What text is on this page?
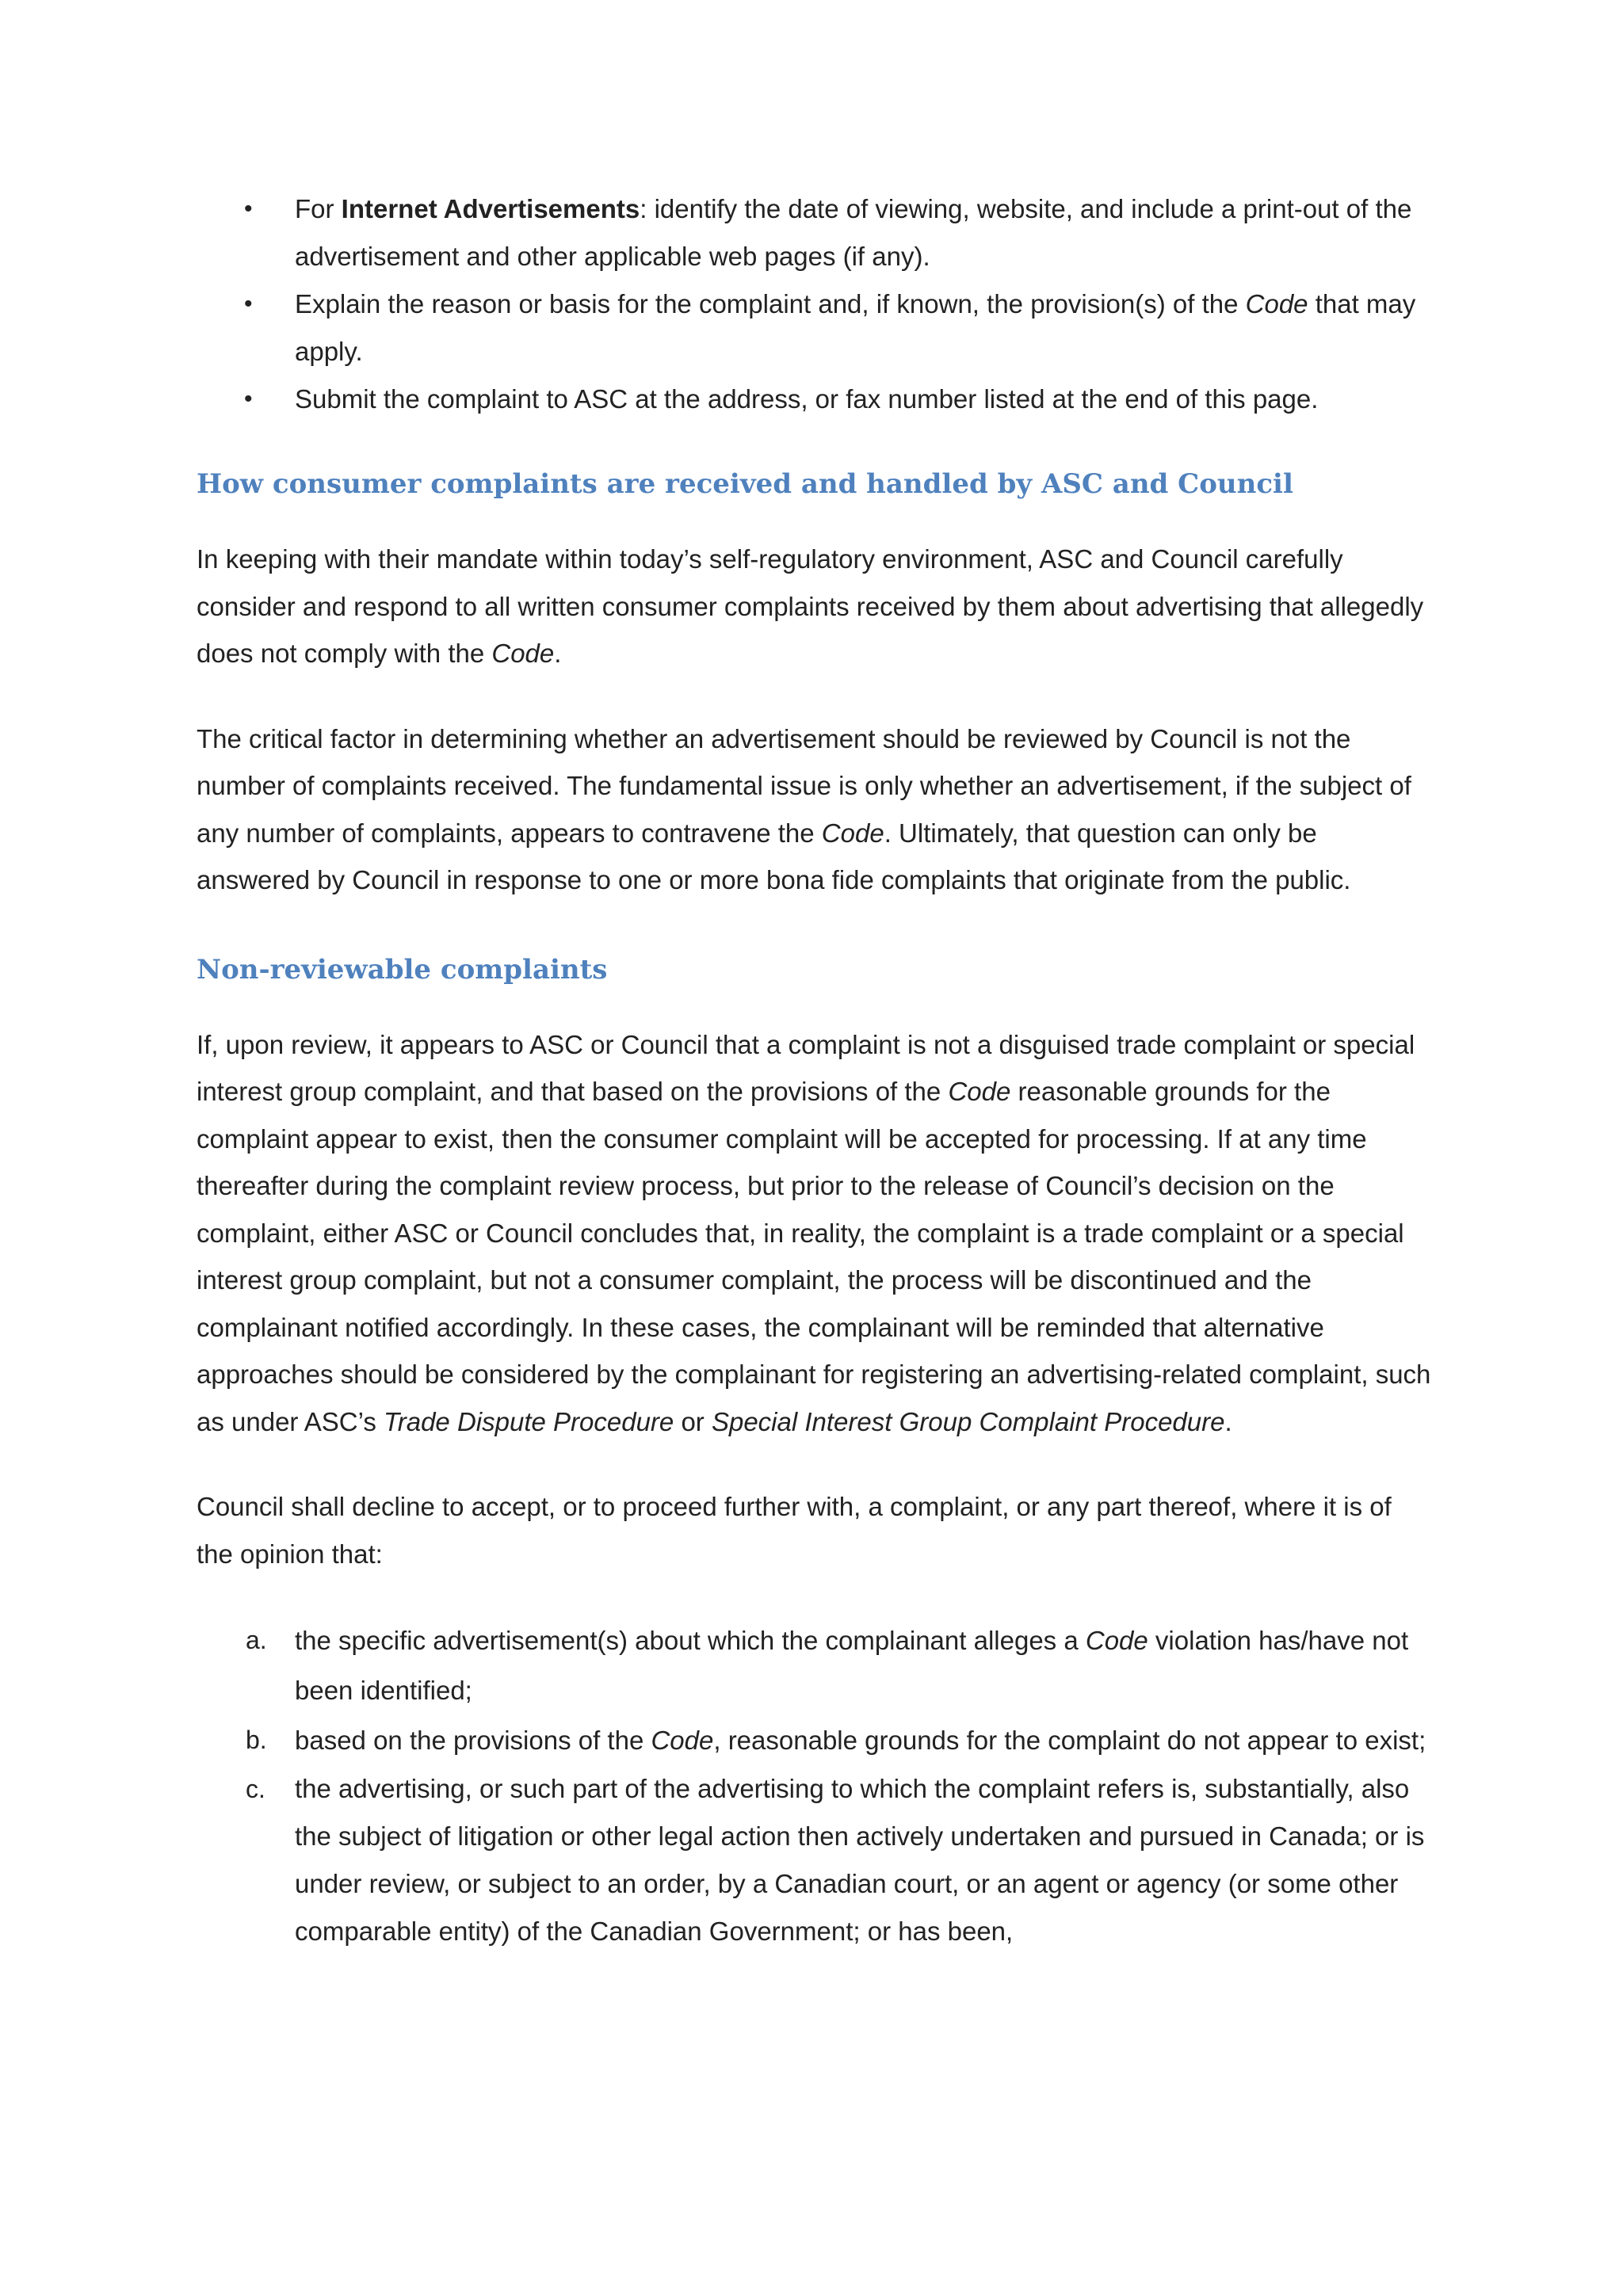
• For Internet Advertisements: identify the date of viewing, website, and include a print-out of the advertisement and other applicable web pages (if any).
• Explain the reason or basis for the complaint and, if known, the provision(s) of the Code that may apply.
• Submit the complaint to ASC at the address, or fax number listed at the end of this page.
How consumer complaints are received and handled by ASC and Council

In keeping with their mandate within today’s self-regulatory environment, ASC and Council carefully consider and respond to all written consumer complaints received by them about advertising that allegedly does not comply with the Code.

The critical factor in determining whether an advertisement should be reviewed by Council is not the number of complaints received. The fundamental issue is only whether an advertisement, if the subject of any number of complaints, appears to contravene the Code. Ultimately, that question can only be answered by Council in response to one or more bona fide complaints that originate from the public.

Non-reviewable complaints

If, upon review, it appears to ASC or Council that a complaint is not a disguised trade complaint or special interest group complaint, and that based on the provisions of the Code reasonable grounds for the complaint appear to exist, then the consumer complaint will be accepted for processing. If at any time thereafter during the complaint review process, but prior to the release of Council’s decision on the complaint, either ASC or Council concludes that, in reality, the complaint is a trade complaint or a special interest group complaint, but not a consumer complaint, the process will be discontinued and the complainant notified accordingly. In these cases, the complainant will be reminded that alternative approaches should be considered by the complainant for registering an advertising-related complaint, such as under ASC’s Trade Dispute Procedure or Special Interest Group Complaint Procedure.

Council shall decline to accept, or to proceed further with, a complaint, or any part thereof, where it is of the opinion that:

a. the specific advertisement(s) about which the complainant alleges a Code violation has/have not been identified;
b. based on the provisions of the Code, reasonable grounds for the complaint do not appear to exist;
c. the advertising, or such part of the advertising to which the complaint refers is, substantially, also the subject of litigation or other legal action then actively undertaken and pursued in Canada; or is under review, or subject to an order, by a Canadian court, or an agent or agency (or some other comparable entity) of the Canadian Government; or has been,
